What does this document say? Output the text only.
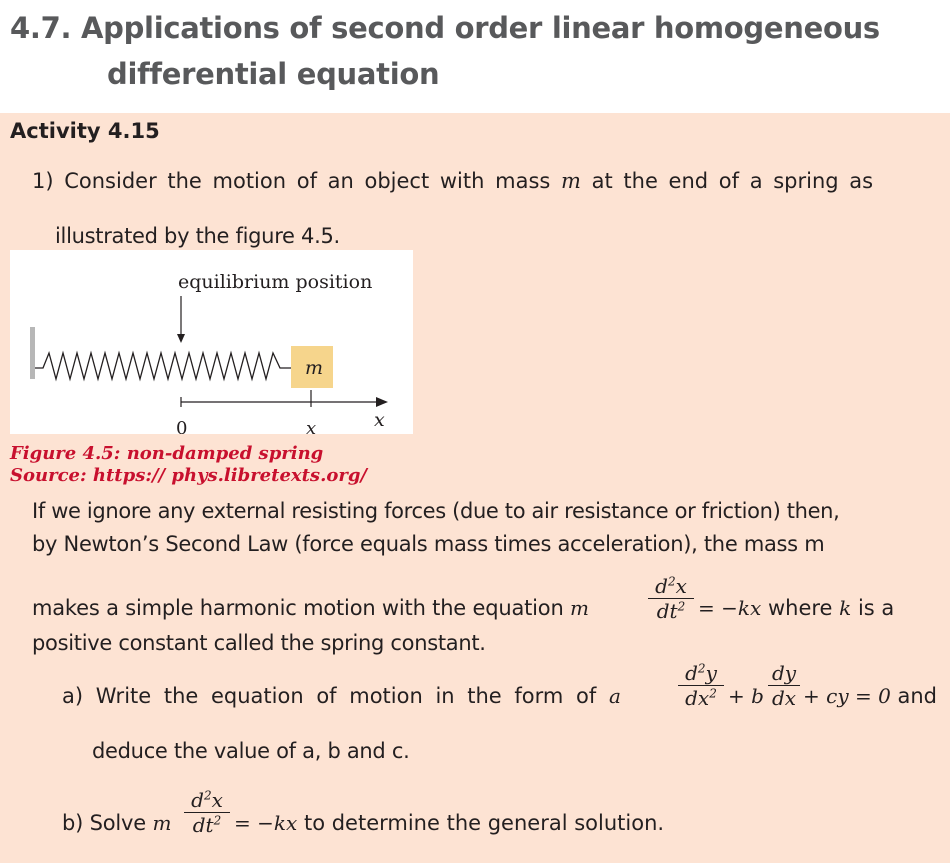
4.7. Applications of second order linear homogeneous
differential equation
Activity 4.15
1) Consider the motion of an object with mass m at the end of a spring as
illustrated by the figure 4.5.
equilibrium position
m
0	x	x
Figure 4.5: non-damped spring
Source: https:// phys.libretexts.org/
If we ignore any external resisting forces (due to air resistance or friction) then,
by Newton’s Second Law (force equals mass times acceleration), the mass m
makes a simple harmonic motion with the equation m
$d^2x$
$dt^2 = -kx$ where k is a
positive constant called the spring constant.
a) Write the equation of motion in the form of a
$d^2y$
$dx^2 + b$
dy
dx + cy = 0 and
deduce the value of a, b and c.
b) Solve m
$d^2x$
$dt^2 = -kx$ to determine the general solution.
